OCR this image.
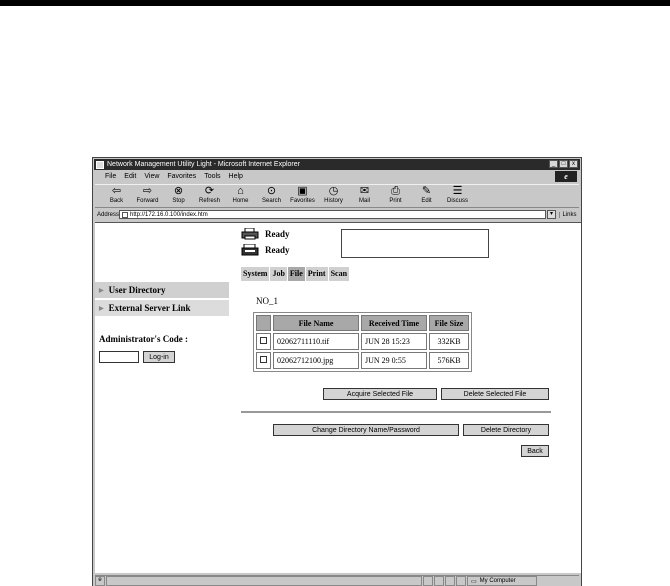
Network Management Utility Light - Microsoft Internet Explorer	_	□	x
File Edit View Favorites Tools Help	e
⇦
Back
⇨
Forward
⊗
Stop
⟳
Refresh
⌂
Home
⊙
Search
▣
Favorites
◷
History
✉
Mail
⎙
Print
✎
Edit
☰
Discuss
Address http://172.16.0.100/index.htm	▾	Links
Ready
Ready
System Job File Print Scan
▶ User Directory
▶ External Server Link
Administrator's Code :
Log-in
NO_1
	File Name	Received Time	File Size
	02062711110.tif	JUN 28 15:23	332KB
	02062712100.jpg	JUN 29 0:55	576KB
Acquire Selected File	Delete Selected File
Change Directory Name/Password	Delete Directory
Back
e	▭ My Computer
